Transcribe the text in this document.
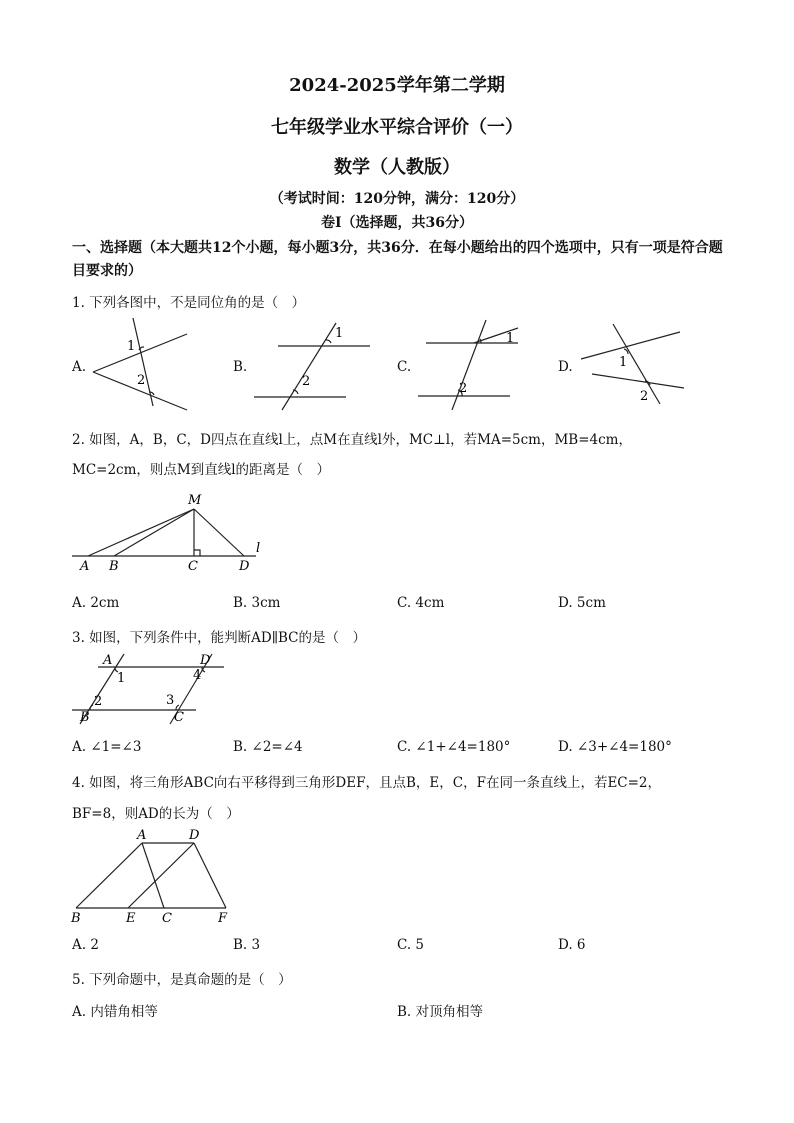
2024-2025学年第二学期
七年级学业水平综合评价（一）
数学（人教版）
（考试时间：120分钟，满分：120分）
卷Ⅰ（选择题，共36分）
一、选择题（本大题共12个小题，每小题3分，共36分．在每小题给出的四个选项中，只有一项是符合题目要求的）
1. 下列各图中，不是同位角的是（　）
A.	B.	C.	D.
1
2
1
2
1
2
1
2
2. 如图，A，B，C，D四点在直线l上，点M在直线l外，MC⊥l，若MA=5cm，MB=4cm，
MC=2cm，则点M到直线l的距离是（　）
M
A B	C	D
l
A. 2cm	B. 3cm	C. 4cm	D. 5cm
3. 如图，下列条件中，能判断AD∥BC的是（　）
A	D
1	4
2	3
B	C
A. ∠1=∠3	B. ∠2=∠4	C. ∠1+∠4=180°	D. ∠3+∠4=180°
4. 如图，将三角形ABC向右平移得到三角形DEF，且点B，E，C，F在同一条直线上，若EC=2，
BF=8，则AD的长为（　）
A	D
B	E C	F
A. 2	B. 3	C. 5	D. 6
5. 下列命题中，是真命题的是（　）
A. 内错角相等	B. 对顶角相等
